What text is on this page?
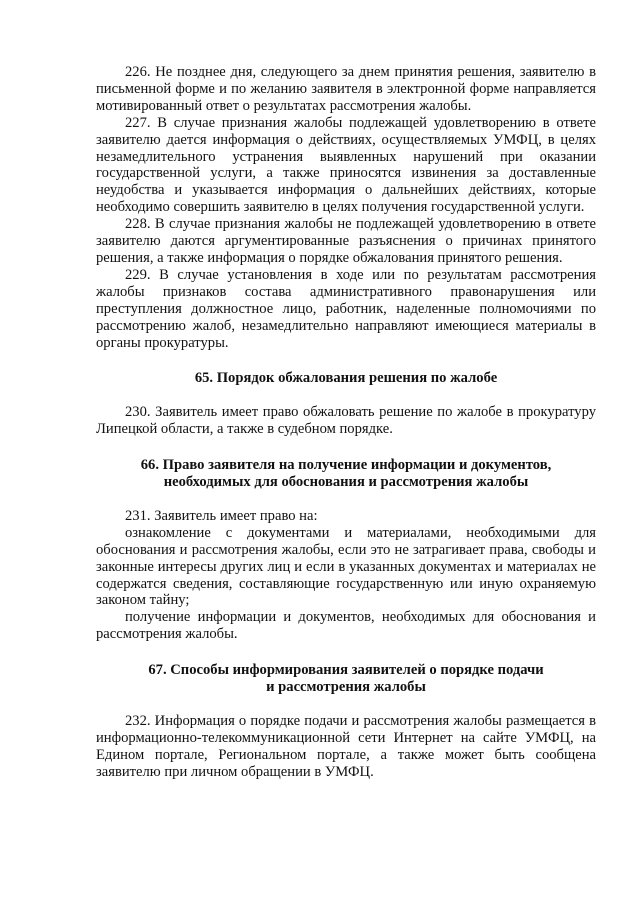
226. Не позднее дня, следующего за днем принятия решения, заявителю в письменной форме и по желанию заявителя в электронной форме направляется мотивированный ответ о результатах рассмотрения жалобы.

227. В случае признания жалобы подлежащей удовлетворению в ответе заявителю дается информация о действиях, осуществляемых УМФЦ, в целях незамедлительного устранения выявленных нарушений при оказании государственной услуги, а также приносятся извинения за доставленные неудобства и указывается информация о дальнейших действиях, которые необходимо совершить заявителю в целях получения государственной услуги.

228. В случае признания жалобы не подлежащей удовлетворению в ответе заявителю даются аргументированные разъяснения о причинах принятого решения, а также информация о порядке обжалования принятого решения.

229. В случае установления в ходе или по результатам рассмотрения жалобы признаков состава административного правонарушения или преступления должностное лицо, работник, наделенные полномочиями по рассмотрению жалоб, незамедлительно направляют имеющиеся материалы в органы прокуратуры.

65. Порядок обжалования решения по жалобе

230. Заявитель имеет право обжаловать решение по жалобе в прокуратуру Липецкой области, а также в судебном порядке.

66. Право заявителя на получение информации и документов,
необходимых для обоснования и рассмотрения жалобы

231. Заявитель имеет право на:

ознакомление с документами и материалами, необходимыми для обоснования и рассмотрения жалобы, если это не затрагивает права, свободы и законные интересы других лиц и если в указанных документах и материалах не содержатся сведения, составляющие государственную или иную охраняемую законом тайну;

получение информации и документов, необходимых для обоснования и рассмотрения жалобы.

67. Способы информирования заявителей о порядке подачи
и рассмотрения жалобы

232. Информация о порядке подачи и рассмотрения жалобы размещается в информационно-телекоммуникационной сети Интернет на сайте УМФЦ, на Едином портале, Региональном портале, а также может быть сообщена заявителю при личном обращении в УМФЦ.
